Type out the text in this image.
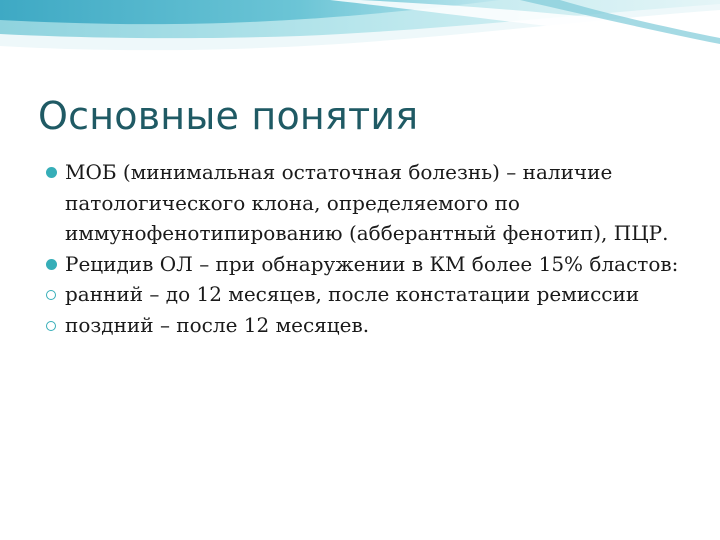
Основные понятия
МОБ (минимальная остаточная болезнь) – наличие патологического клона, определяемого по иммунофенотипированию (абберантный фенотип), ПЦР.
Рецидив ОЛ – при обнаружении в КМ более 15% бластов:
ранний – до 12 месяцев, после констатации ремиссии
поздний – после 12 месяцев.
